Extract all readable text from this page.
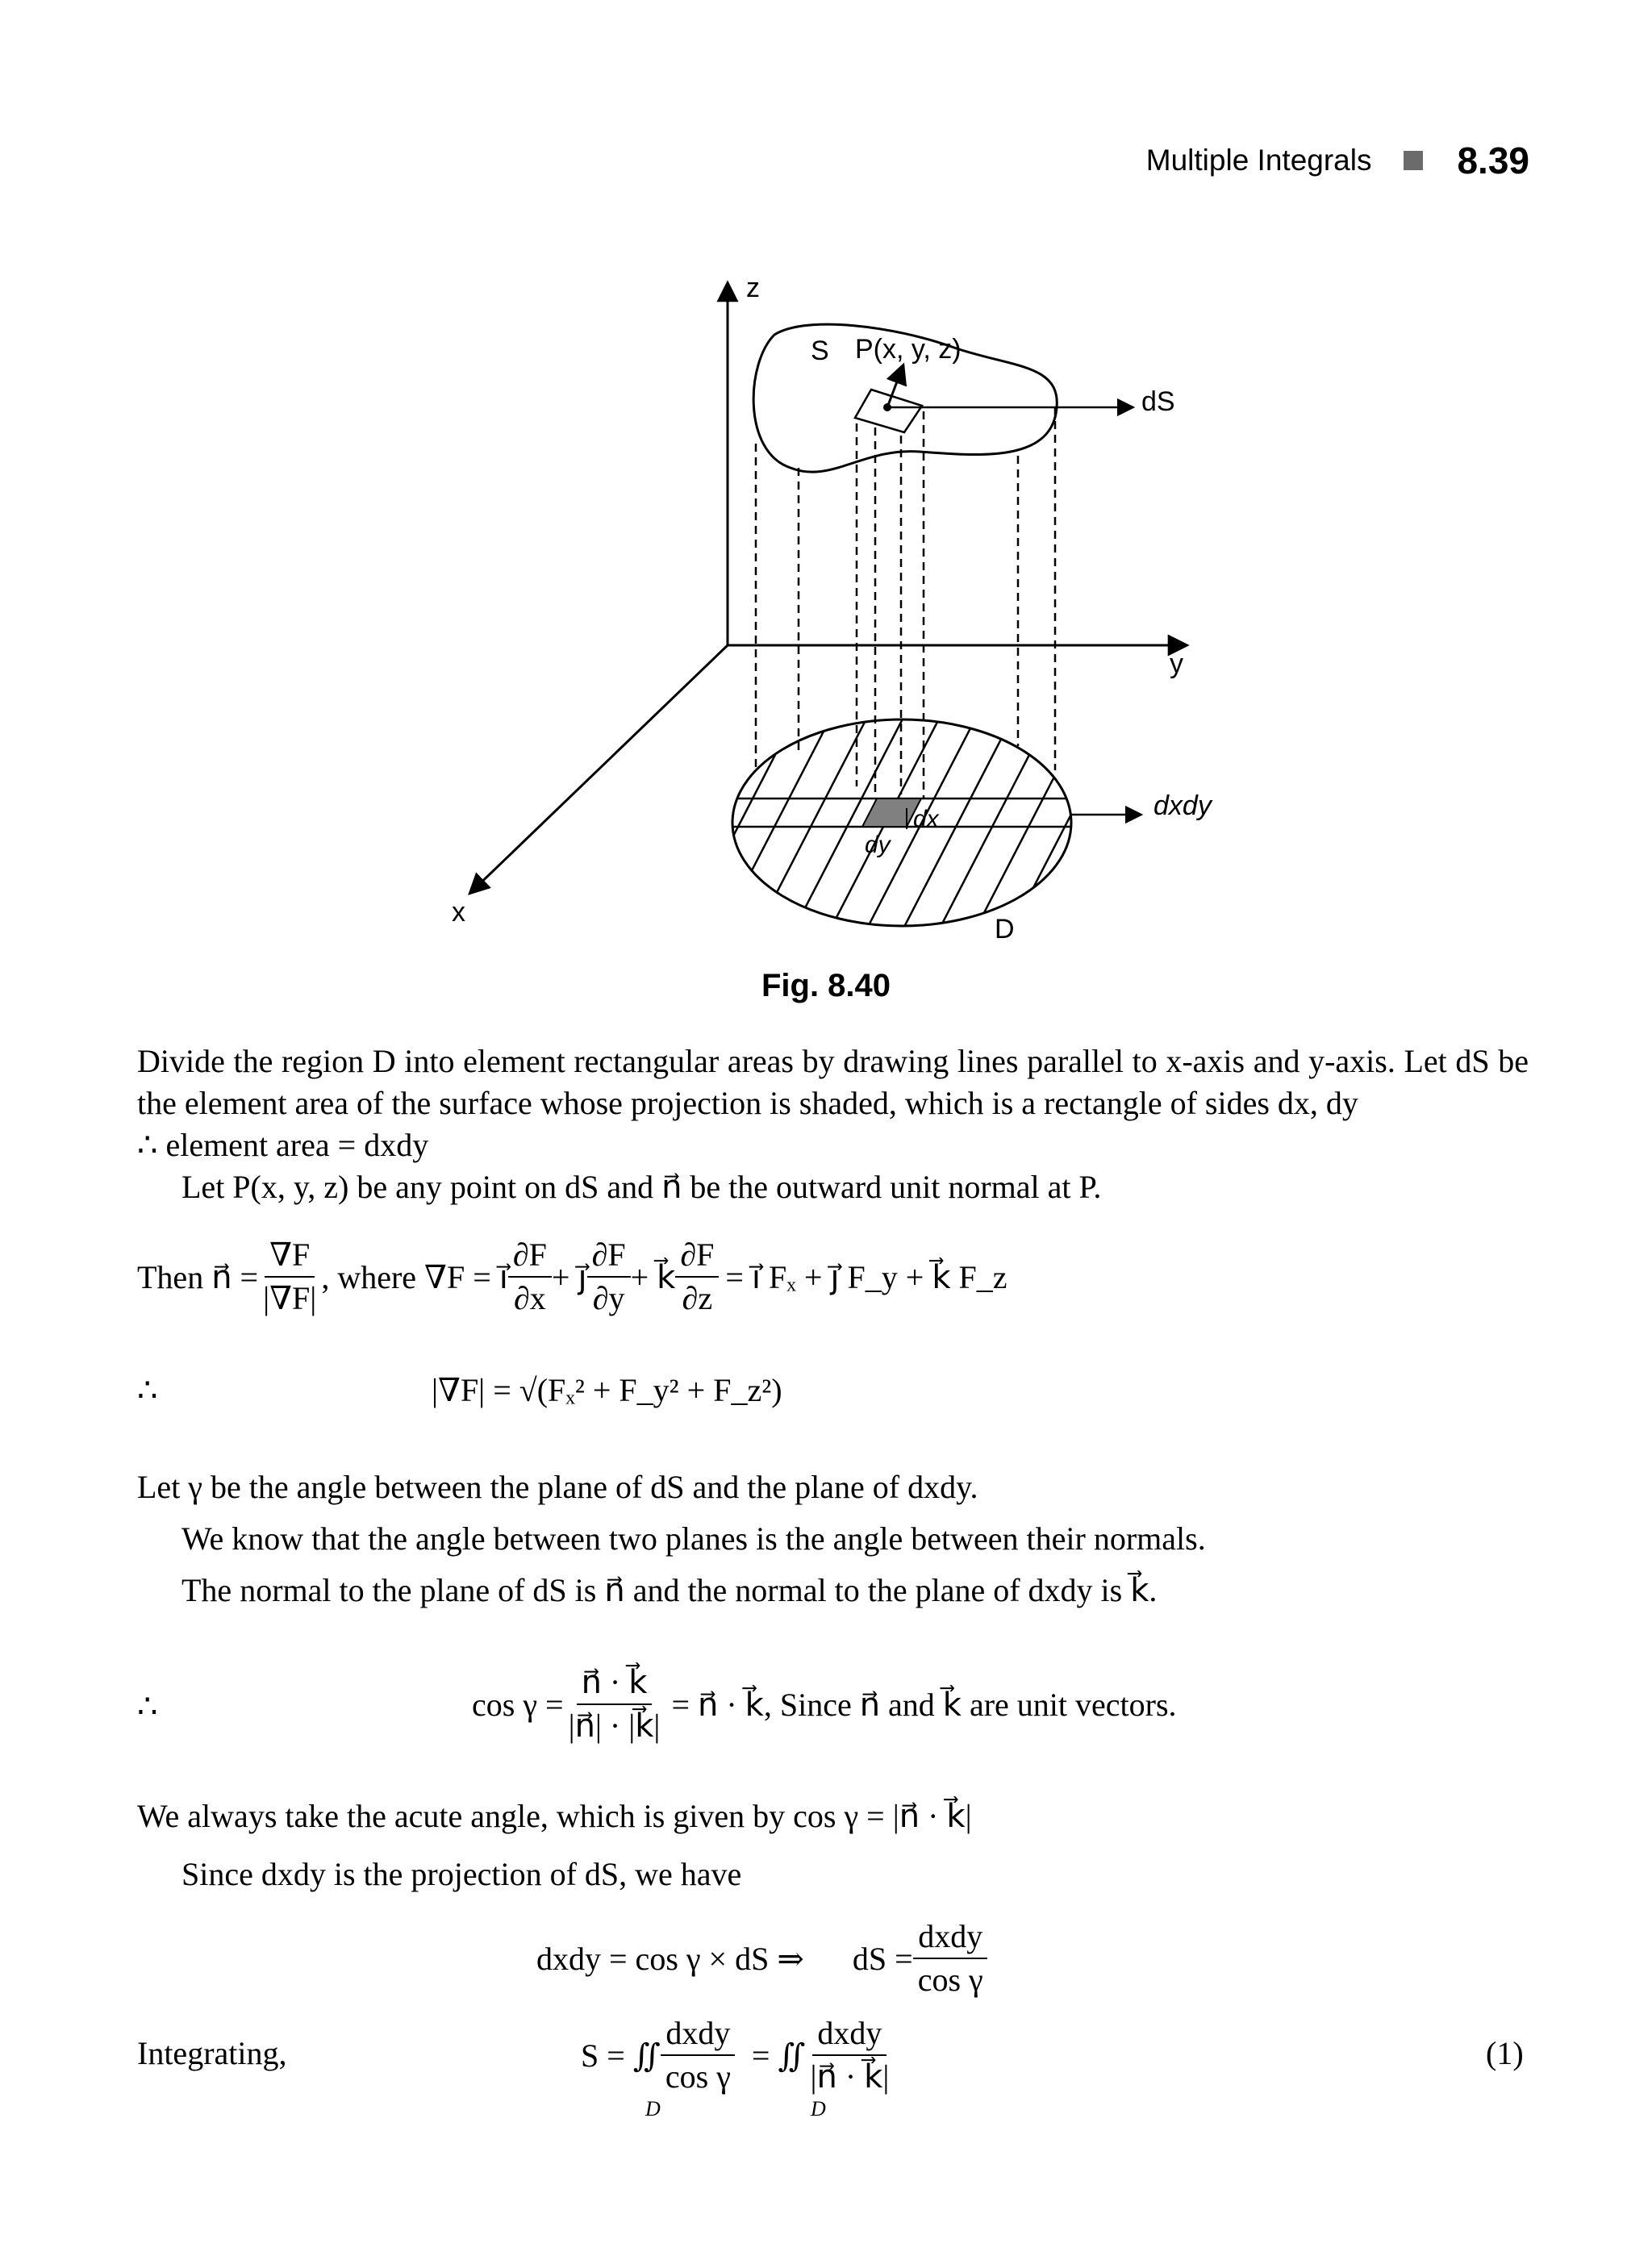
Multiple Integrals 8.39
z
y
x
S P(x, y, z)
dS
dxdy
dx
dy
D
Fig. 8.40
Divide the region D into element rectangular areas by drawing lines parallel to x-axis and y-axis. Let dS be the element area of the surface whose projection is shaded, which is a rectangle of sides dx, dy
∴ element area = dxdy
Let P(x, y, z) be any point on dS and n⃗ be the outward unit normal at P.
Then n⃗ = $\frac{\nabla F}{|\nabla F|}$ , where ∇F = i⃗ $\frac{\partial F}{\partial x}$ + j⃗ $\frac{\partial F}{\partial y}$ + k⃗ $\frac{\partial F}{\partial z}$ = i⃗ Fₓ + j⃗ F_y + k⃗ F_z
∴	|∇F| = √(Fₓ² + F_y² + F_z²)
Let γ be the angle between the plane of dS and the plane of dxdy.
We know that the angle between two planes is the angle between their normals.
The normal to the plane of dS is n⃗ and the normal to the plane of dxdy is k⃗.
∴	$\cos \gamma = \frac{n⃗ \cdot k⃗}{|n⃗| \cdot |k⃗|}$ = n⃗ · k⃗, Since n⃗ and k⃗ are unit vectors.
We always take the acute angle, which is given by cos γ = |n⃗ · k⃗|
Since dxdy is the projection of dS, we have
dxdy = cos γ × dS ⇒ dS = $\frac{\text{dxdy}}{\text{cos γ}}$
Integrating,	S = ∬ $\frac{\text{dxdy}}{\text{cos γ}}$ = ∬ $\frac{\text{dxdy}}{|n⃗ \cdot k⃗|}$
D	D
(1)
